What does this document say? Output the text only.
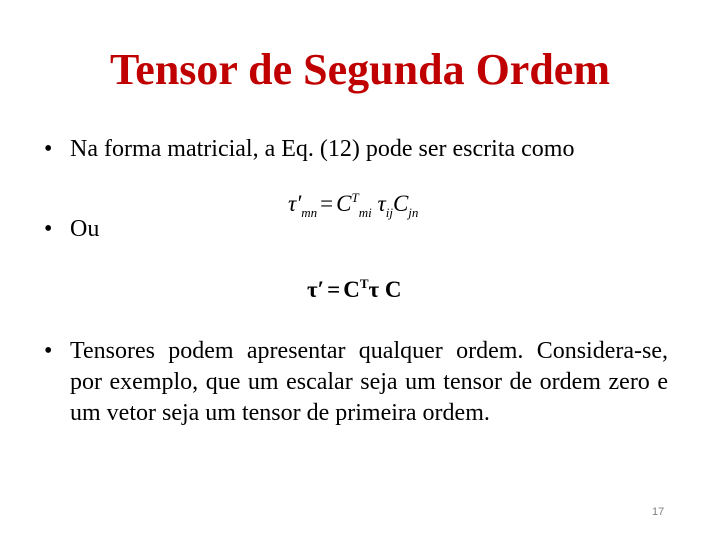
Tensor de Segunda Ordem
• Na forma matricial, a Eq. (12) pode ser escrita como
$\tau'_{mn} = C^T_{mi}$ $\tau_{ij}C_{jn}$
• Ou
$\tau' = C^T\tau$ C
• Tensores podem apresentar qualquer ordem. Considera-se, por exemplo, que um escalar seja um tensor de ordem zero e um vetor seja um tensor de primeira ordem.
17
